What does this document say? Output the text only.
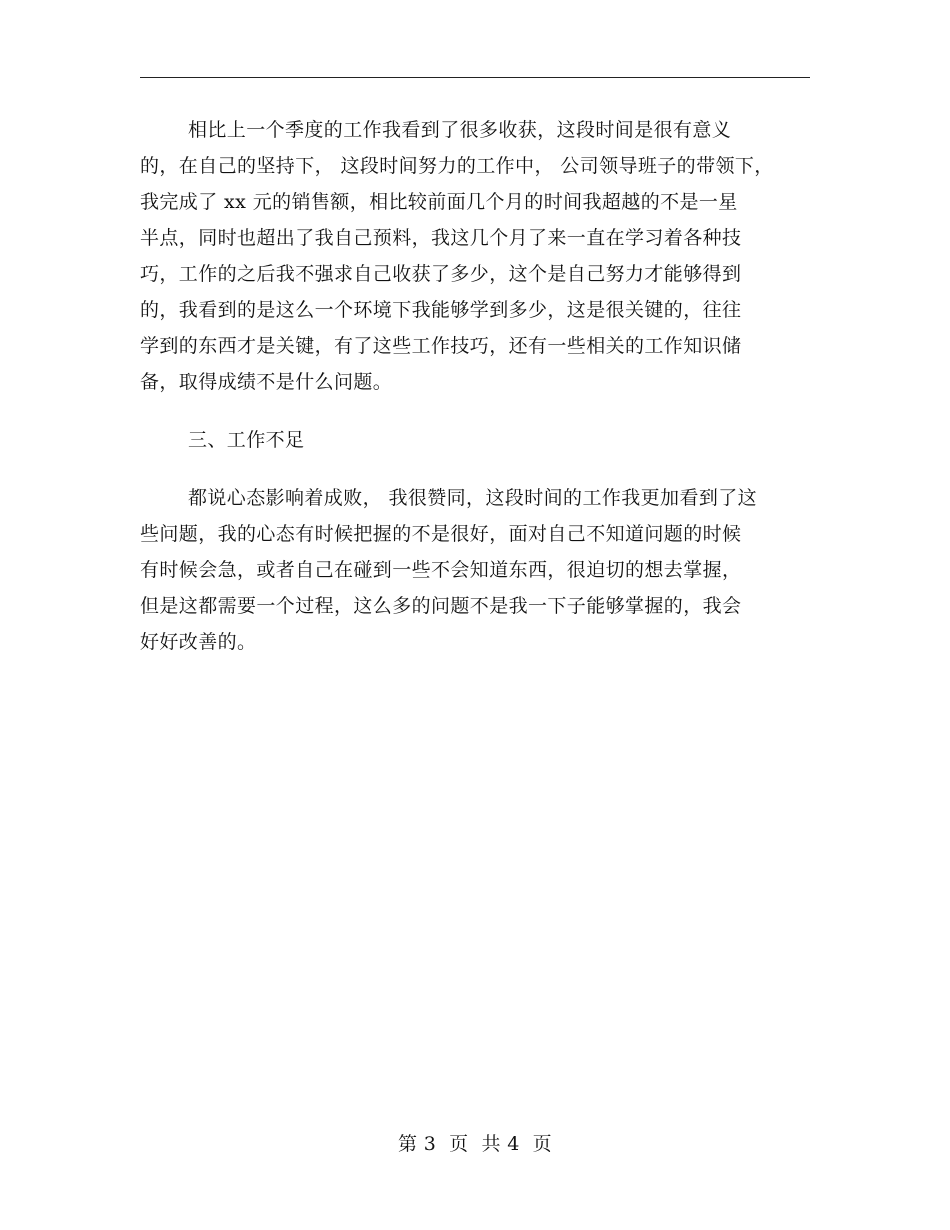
相比上一个季度的工作我看到了很多收获，这段时间是很有意义
的，在自己的坚持下， 这段时间努力的工作中， 公司领导班子的带领下，
我完成了 xx 元的销售额，相比较前面几个月的时间我超越的不是一星
半点，同时也超出了我自己预料，我这几个月了来一直在学习着各种技
巧，工作的之后我不强求自己收获了多少，这个是自己努力才能够得到
的，我看到的是这么一个环境下我能够学到多少，这是很关键的，往往
学到的东西才是关键，有了这些工作技巧，还有一些相关的工作知识储
备，取得成绩不是什么问题。
三、工作不足
都说心态影响着成败， 我很赞同，这段时间的工作我更加看到了这
些问题，我的心态有时候把握的不是很好，面对自己不知道问题的时候
有时候会急，或者自己在碰到一些不会知道东西，很迫切的想去掌握，
但是这都需要一个过程，这么多的问题不是我一下子能够掌握的，我会
好好改善的。
第 3  页  共 4  页
